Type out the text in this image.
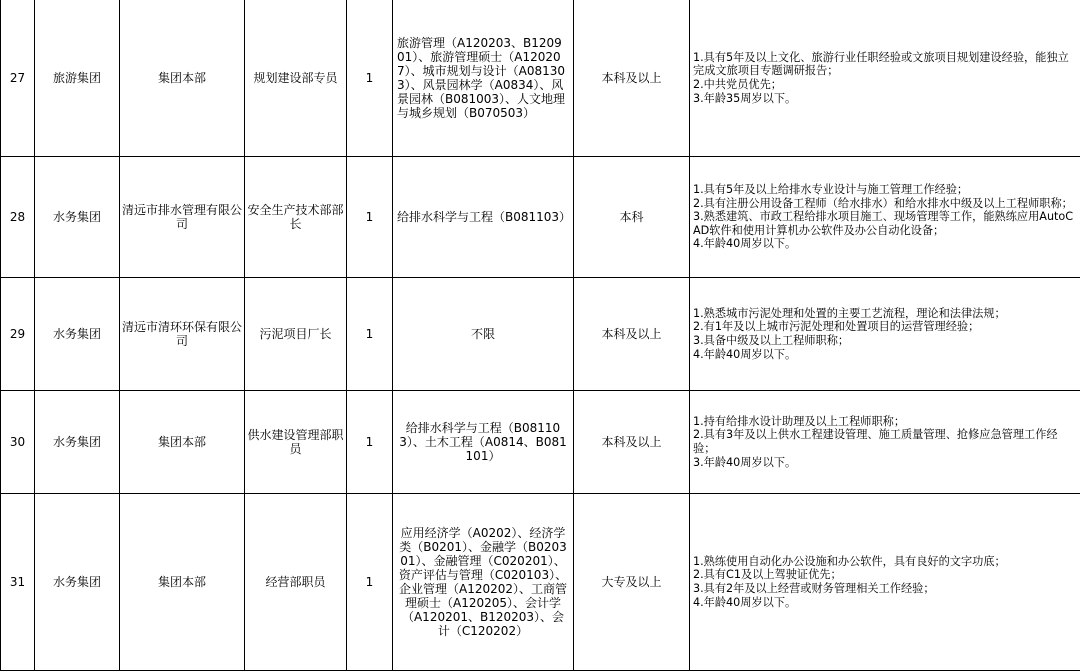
27	旅游集团	集团本部	规划建设部专员	1	旅游管理（A120203、B120901）、旅游管理硕士（A120207）、城市规划与设计（A081303）、风景园林学（A0834）、风景园林（B081003）、人文地理与城乡规划（B070503）	本科及以上	1.具有5年及以上文化、旅游行业任职经验或文旅项目规划建设经验，能独立完成文旅项目专题调研报告；
2.中共党员优先；
3.年龄35周岁以下。

28	水务集团	清远市排水管理有限公司	安全生产技术部部长	1	给排水科学与工程（B081103）	本科	1.具有5年及以上给排水专业设计与施工管理工作经验；
2.具有注册公用设备工程师（给水排水）和给水排水中级及以上工程师职称；
3.熟悉建筑、市政工程给排水项目施工、现场管理等工作，能熟练应用AutoCAD软件和使用计算机办公软件及办公自动化设备；
4.年龄40周岁以下。

29	水务集团	清远市清环环保有限公司	污泥项目厂长	1	不限	本科及以上	1.熟悉城市污泥处理和处置的主要工艺流程，理论和法律法规；
2.有1年及以上城市污泥处理和处置项目的运营管理经验；
3.具备中级及以上工程师职称；
4.年龄40周岁以下。

30	水务集团	集团本部	供水建设管理部职员	1	给排水科学与工程（B081103）、土木工程（A0814、B081101）	本科及以上	1.持有给排水设计助理及以上工程师职称；
2.具有3年及以上供水工程建设管理、施工质量管理、抢修应急管理工作经验；
3.年龄40周岁以下。

31	水务集团	集团本部	经营部职员	1	应用经济学（A0202）、经济学类（B0201）、金融学（B020301）、金融管理（C020201）、资产评估与管理（C020103）、企业管理（A120202）、工商管理硕士（A120205）、会计学（A120201、B120203）、会计（C120202）	大专及以上	1.熟练使用自动化办公设施和办公软件，具有良好的文字功底；
2.具有C1及以上驾驶证优先；
3.具有2年及以上经营或财务管理相关工作经验；
4.年龄40周岁以下。
